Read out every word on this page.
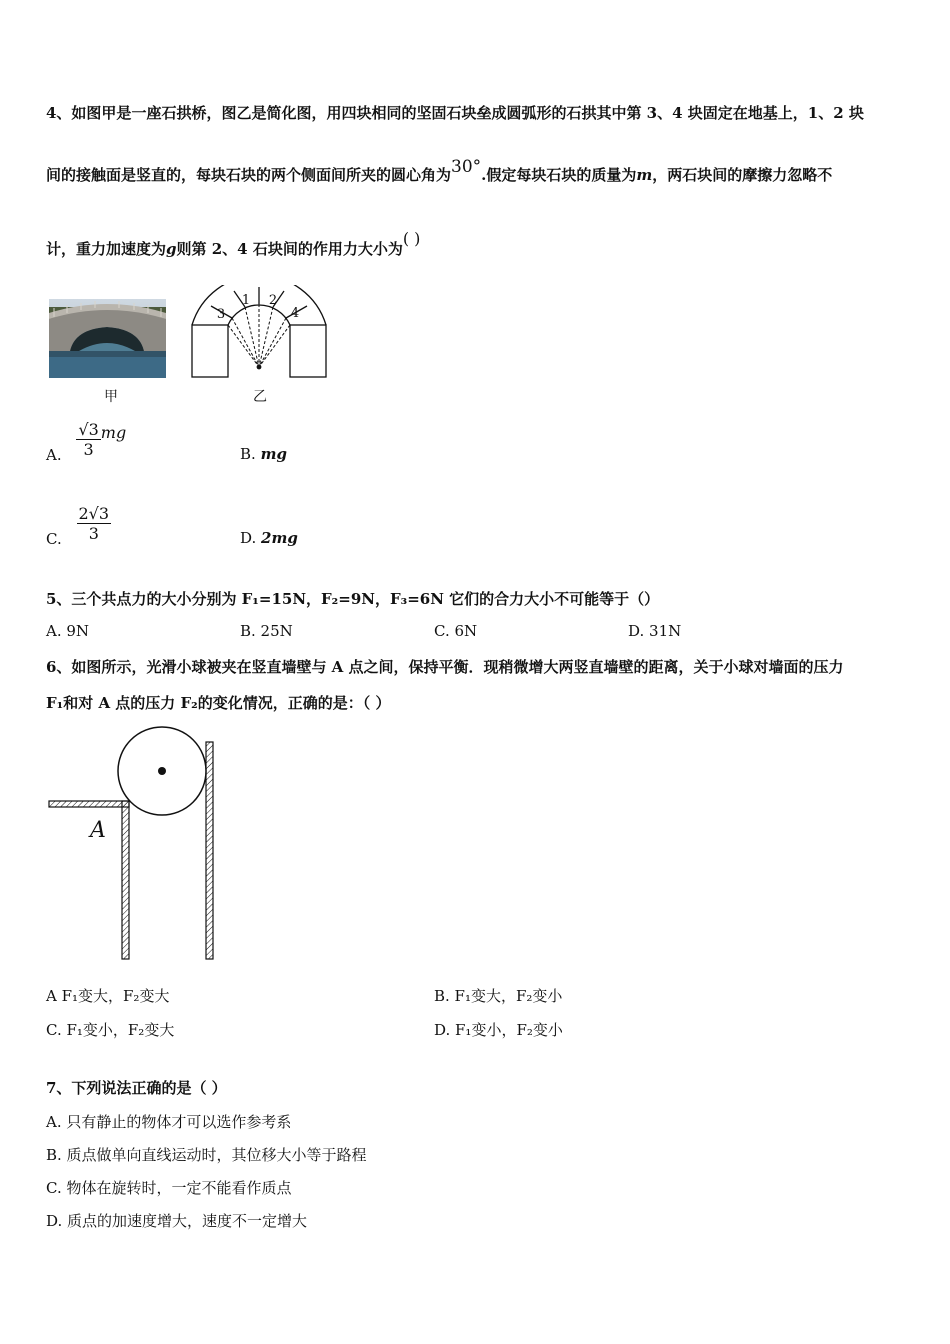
4、如图甲是一座石拱桥，图乙是简化图，用四块相同的坚固石块垒成圆弧形的石拱其中第 3、4 块固定在地基上，1、2 块
间的接触面是竖直的，每块石块的两个侧面间所夹的圆心角为30°.假定每块石块的质量为m，两石块间的摩擦力忽略不
计，重力加速度为g则第 2、4 石块间的作用力大小为( )
甲
3
1 2
4
乙
A. $\frac{√3}{3}$ mg
B. mg
C. $\frac{2√3}{3}$	D. 2mg
5、三个共点力的大小分别为 F₁=15N，F₂=9N，F₃=6N 它们的合力大小不可能等于（）
A. 9N	B. 25N	C. 6N	D. 31N
6、如图所示，光滑小球被夹在竖直墙壁与 A 点之间，保持平衡．现稍微增大两竖直墙壁的距离，关于小球对墙面的压力
F₁和对 A 点的压力 F₂的变化情况，正确的是：（ ）
A
A F₁变大，F₂变大	B. F₁变大，F₂变小
C. F₁变小，F₂变大	D. F₁变小，F₂变小
7、下列说法正确的是（ ）
A. 只有静止的物体才可以选作参考系
B. 质点做单向直线运动时，其位移大小等于路程
C. 物体在旋转时，一定不能看作质点
D. 质点的加速度增大，速度不一定增大
